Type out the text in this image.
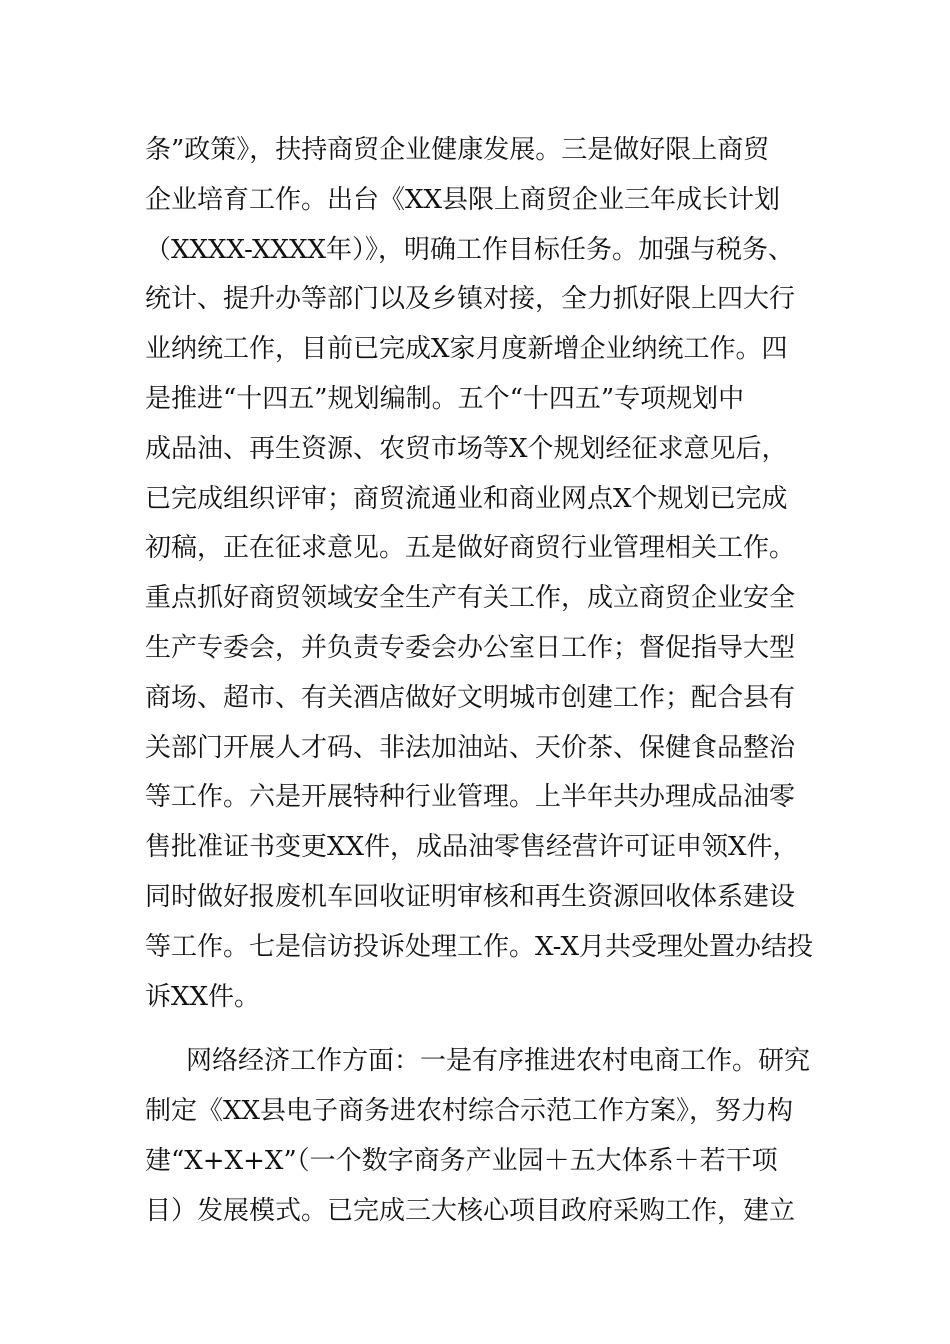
条”政策》，扶持商贸企业健康发展。三是做好限上商贸
企业培育工作。出台《XX县限上商贸企业三年成长计划
（XXXX-XXXX年）》，明确工作目标任务。加强与税务、
统计、提升办等部门以及乡镇对接，全力抓好限上四大行
业纳统工作，目前已完成X家月度新增企业纳统工作。四
是推进“十四五”规划编制。五个“十四五”专项规划中
成品油、再生资源、农贸市场等X个规划经征求意见后，
已完成组织评审；商贸流通业和商业网点X个规划已完成
初稿，正在征求意见。五是做好商贸行业管理相关工作。
重点抓好商贸领域安全生产有关工作，成立商贸企业安全
生产专委会，并负责专委会办公室日工作；督促指导大型
商场、超市、有关酒店做好文明城市创建工作；配合县有
关部门开展人才码、非法加油站、天价茶、保健食品整治
等工作。六是开展特种行业管理。上半年共办理成品油零
售批准证书变更XX件，成品油零售经营许可证申领X件，
同时做好报废机车回收证明审核和再生资源回收体系建设
等工作。七是信访投诉处理工作。X-X月共受理处置办结投
诉XX件。
网络经济工作方面：一是有序推进农村电商工作。研究
制定《XX县电子商务进农村综合示范工作方案》，努力构
建“X+X+X”（一个数字商务产业园＋五大体系＋若干项
目）发展模式。已完成三大核心项目政府采购工作，建立
